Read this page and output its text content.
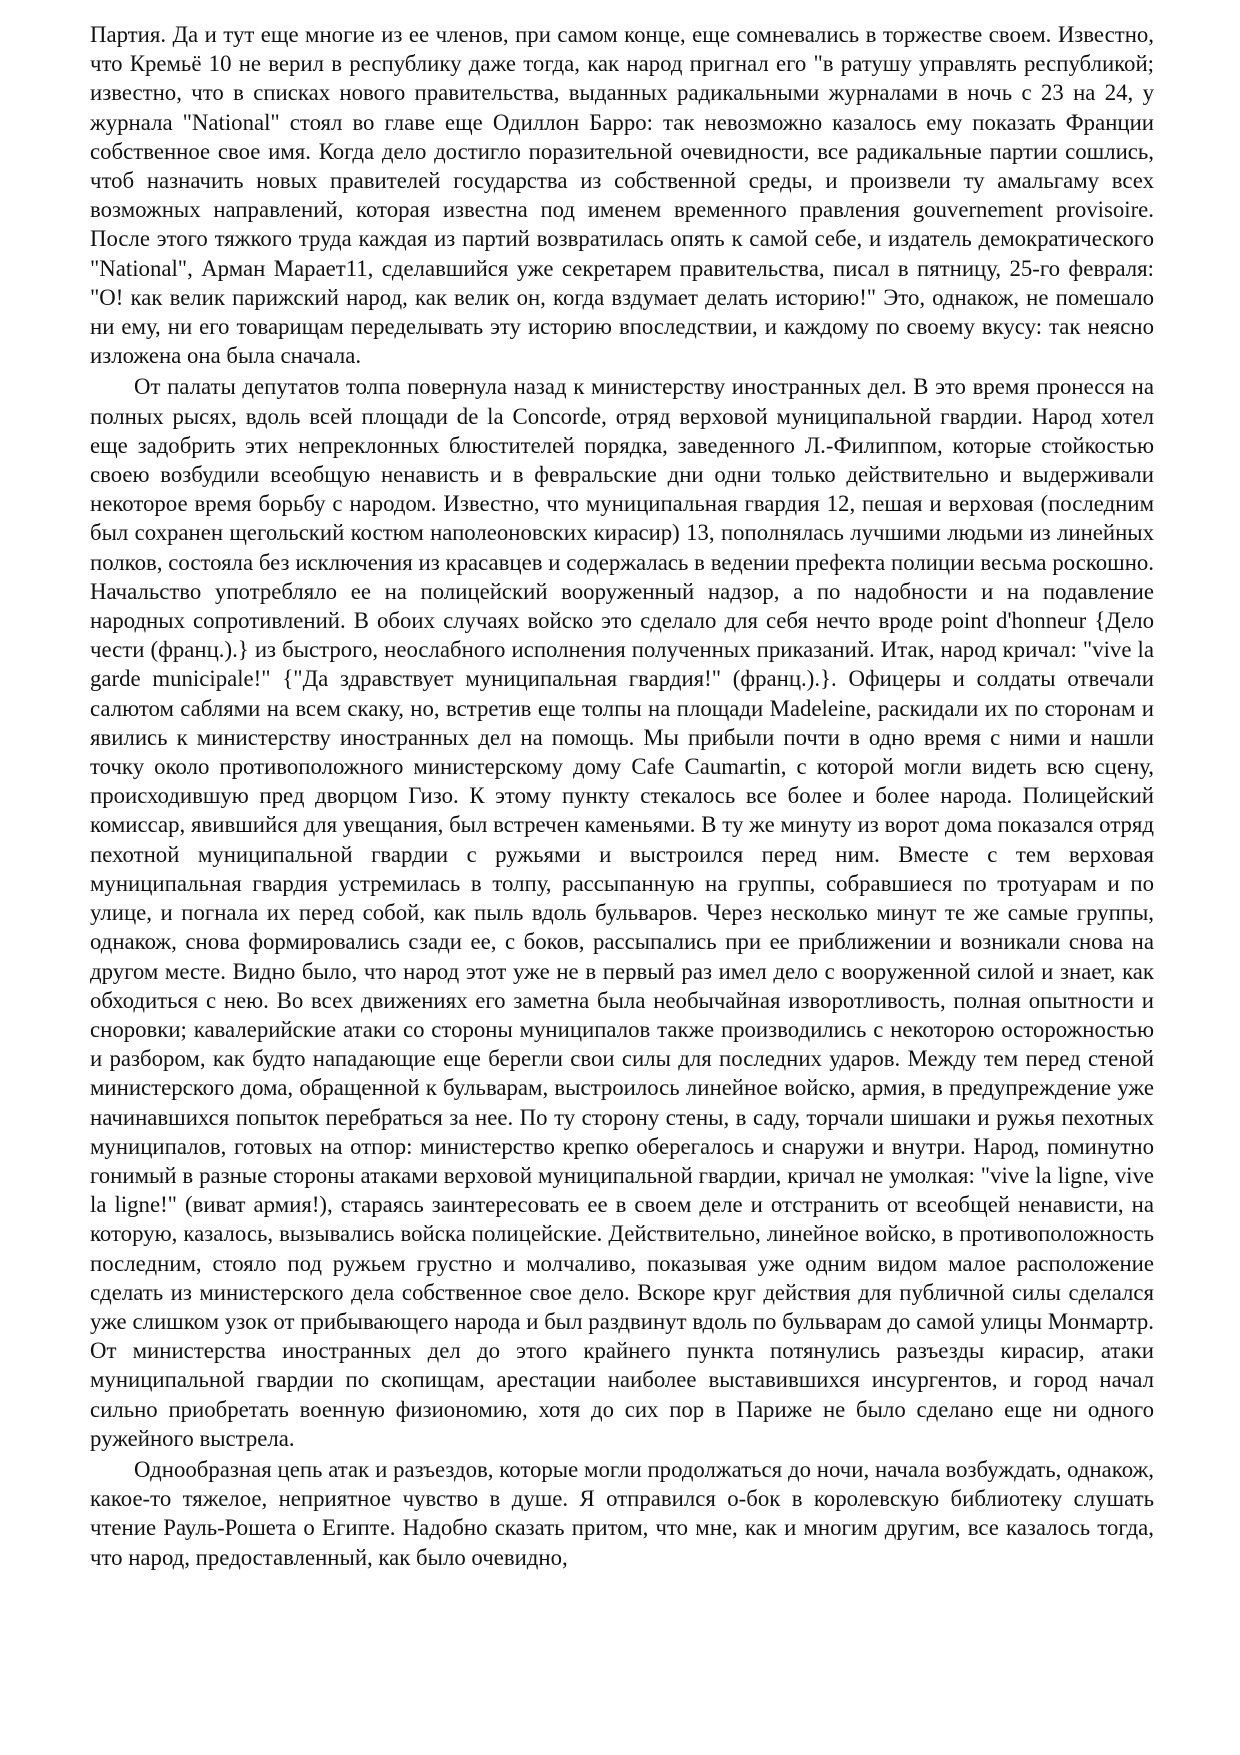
Партия. Да и тут еще многие из ее членов, при самом конце, еще сомневались в торжестве своем. Известно, что Кремьё 10 не верил в республику даже тогда, как народ пригнал его "в ратушу управлять республикой; известно, что в списках нового правительства, выданных радикальными журналами в ночь с 23 на 24, у журнала "National" стоял во главе еще Одиллон Барро: так невозможно казалось ему показать Франции собственное свое имя. Когда дело достигло поразительной очевидности, все радикальные партии сошлись, чтоб назначить новых правителей государства из собственной среды, и произвели ту амальгаму всех возможных направлений, которая известна под именем временного правления gouvernement provisoire. После этого тяжкого труда каждая из партий возвратилась опять к самой себе, и издатель демократического "National", Арман Марает11, сделавшийся уже секретарем правительства, писал в пятницу, 25-го февраля: "О! как велик парижский народ, как велик он, когда вздумает делать историю!" Это, однакож, не помешало ни ему, ни его товарищам переделывать эту историю впоследствии, и каждому по своему вкусу: так неясно изложена она была сначала.

От палаты депутатов толпа повернула назад к министерству иностранных дел. В это время пронесся на полных рысях, вдоль всей площади de la Concorde, отряд верховой муниципальной гвардии. Народ хотел еще задобрить этих непреклонных блюстителей порядка, заведенного Л.-Филиппом, которые стойкостью своею возбудили всеобщую ненависть и в февральские дни одни только действительно и выдерживали некоторое время борьбу с народом. Известно, что муниципальная гвардия 12, пешая и верховая (последним был сохранен щегольский костюм наполеоновских кирасир) 13, пополнялась лучшими людьми из линейных полков, состояла без исключения из красавцев и содержалась в ведении префекта полиции весьма роскошно. Начальство употребляло ее на полицейский вооруженный надзор, а по надобности и на подавление народных сопротивлений. В обоих случаях войско это сделало для себя нечто вроде point d'honneur {Дело чести (франц.).} из быстрого, неослабного исполнения полученных приказаний. Итак, народ кричал: "vive la garde municipale!" {"Да здравствует муниципальная гвардия!" (франц.).}. Офицеры и солдаты отвечали салютом саблями на всем скаку, но, встретив еще толпы на площади Madeleine, раскидали их по сторонам и явились к министерству иностранных дел на помощь. Мы прибыли почти в одно время с ними и нашли точку около противоположного министерскому дому Cafe Caumartin, с которой могли видеть всю сцену, происходившую пред дворцом Гизо. К этому пункту стекалось все более и более народа. Полицейский комиссар, явившийся для увещания, был встречен каменьями. В ту же минуту из ворот дома показался отряд пехотной муниципальной гвардии с ружьями и выстроился перед ним. Вместе с тем верховая муниципальная гвардия устремилась в толпу, рассыпанную на группы, собравшиеся по тротуарам и по улице, и погнала их перед собой, как пыль вдоль бульваров. Через несколько минут те же самые группы, однакож, снова формировались сзади ее, с боков, рассыпались при ее приближении и возникали снова на другом месте. Видно было, что народ этот уже не в первый раз имел дело с вооруженной силой и знает, как обходиться с нею. Во всех движениях его заметна была необычайная изворотливость, полная опытности и сноровки; кавалерийские атаки со стороны муниципалов также производились с некоторою осторожностью и разбором, как будто нападающие еще берегли свои силы для последних ударов. Между тем перед стеной министерского дома, обращенной к бульварам, выстроилось линейное войско, армия, в предупреждение уже начинавшихся попыток перебраться за нее. По ту сторону стены, в саду, торчали шишаки и ружья пехотных муниципалов, готовых на отпор: министерство крепко оберегалось и снаружи и внутри. Народ, поминутно гонимый в разные стороны атаками верховой муниципальной гвардии, кричал не умолкая: "vive la ligne, vive la ligne!" (виват армия!), стараясь заинтересовать ее в своем деле и отстранить от всеобщей ненависти, на которую, казалось, вызывались войска полицейские. Действительно, линейное войско, в противоположность последним, стояло под ружьем грустно и молчаливо, показывая уже одним видом малое расположение сделать из министерского дела собственное свое дело. Вскоре круг действия для публичной силы сделался уже слишком узок от прибывающего народа и был раздвинут вдоль по бульварам до самой улицы Монмартр. От министерства иностранных дел до этого крайнего пункта потянулись разъезды кирасир, атаки муниципальной гвардии по скопищам, арестации наиболее выставившихся инсургентов, и город начал сильно приобретать военную физиономию, хотя до сих пор в Париже не было сделано еще ни одного ружейного выстрела.

Однообразная цепь атак и разъездов, которые могли продолжаться до ночи, начала возбуждать, однакож, какое-то тяжелое, неприятное чувство в душе. Я отправился о-бок в королевскую библиотеку слушать чтение Рауль-Рошета о Египте. Надобно сказать притом, что мне, как и многим другим, все казалось тогда, что народ, предоставленный, как было очевидно,
